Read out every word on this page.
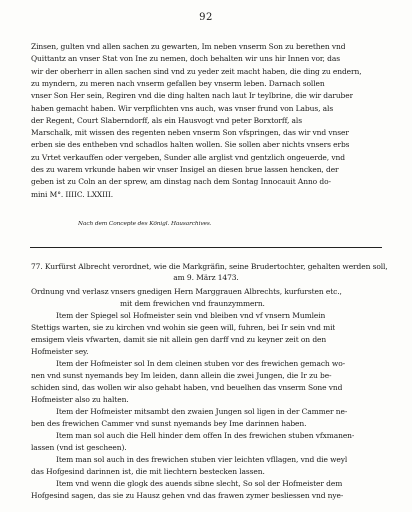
92
Zinsen, gulten vnd allen sachen zu gewarten, Im neben vnserm Son zu berethen vnd
Quittantz an vnser Stat von Ine zu nemen, doch behalten wir uns hir Innen vor, das
wir der oberherr in allen sachen sind vnd zu yeder zeit macht haben, die ding zu endern,
zu myndern, zu meren nach vnserm gefallen bey vnserm leben. Darnach sollen
vnser Son Her sein, Regiren vnd die ding halten nach laut Ir teylbrine, die wir daruber
haben gemacht haben. Wir verpflichten vns auch, was vnser frund von Labus, als
der Regent, Court Slaberndorff, als ein Hausvogt vnd peter Borxtorff, als
Marschalk, mit wissen des regenten neben vnserm Son vfspringen, das wir vnd vnser
erben sie des entheben vnd schadlos halten wollen. Sie sollen aber nichts vnsers erbs
zu Vrtet verkauffen oder vergeben, Sunder alle arglist vnd gentzlich ongeuerde, vnd
des zu warem vrkunde haben wir vnser Insigel an diesen brue lassen hencken, der
geben ist zu Coln an der sprew, am dinstag nach dem Sontag Innocauit Anno do-
mini M°. IIIIC. LXXIII.
Nach dem Concepte des Königl. Hausarchives.
77. Kurfürst Albrecht verordnet, wie die Markgräfin, seine Brudertochter, gehalten werden soll,
am 9. März 1473.
Ordnung vnd verlasz vnsers gnedigen Hern Marggrauen Albrechts, kurfursten etc.,
mit dem frewichen vnd fraunzymmern.
Item der Spiegel sol Hofmeister sein vnd bleiben vnd vf vnsern Mumlein
Stettigs warten, sie zu kirchen vnd wohin sie geen will, fuhren, bei Ir sein vnd mit
emsigem vleis vfwarten, damit sie nit allein gen darff vnd zu keyner zeit on den
Hofmeister sey.
Item der Hofmeister sol In dem cleinen stuben vor des frewichen gemach wo-
nen vnd sunst nyemands bey Im leiden, dann allein die zwei Jungen, die Ir zu be-
schiden sind, das wollen wir also gehabt haben, vnd beuelhen das vnserm Sone vnd
Hofmeister also zu halten.
Item der Hofmeister mitsambt den zwaien Jungen sol ligen in der Cammer ne-
ben des frewichen Cammer vnd sunst nyemands bey Ime darinnen haben.
Item man sol auch die Hell hinder dem offen In des frewichen stuben vfxmanen-
lassen (vnd ist gescheen).
Item man sol auch in des frewichen stuben vier leichten vfllagen, vnd die weyl
das Hofgesind darinnen ist, die mit liechtern bestecken lassen.
Item vnd wenn die glogk des auends sibne slecht, So sol der Hofmeister dem
Hofgesind sagen, das sie zu Hausz gehen vnd das frawen zymer besliessen vnd nye-
